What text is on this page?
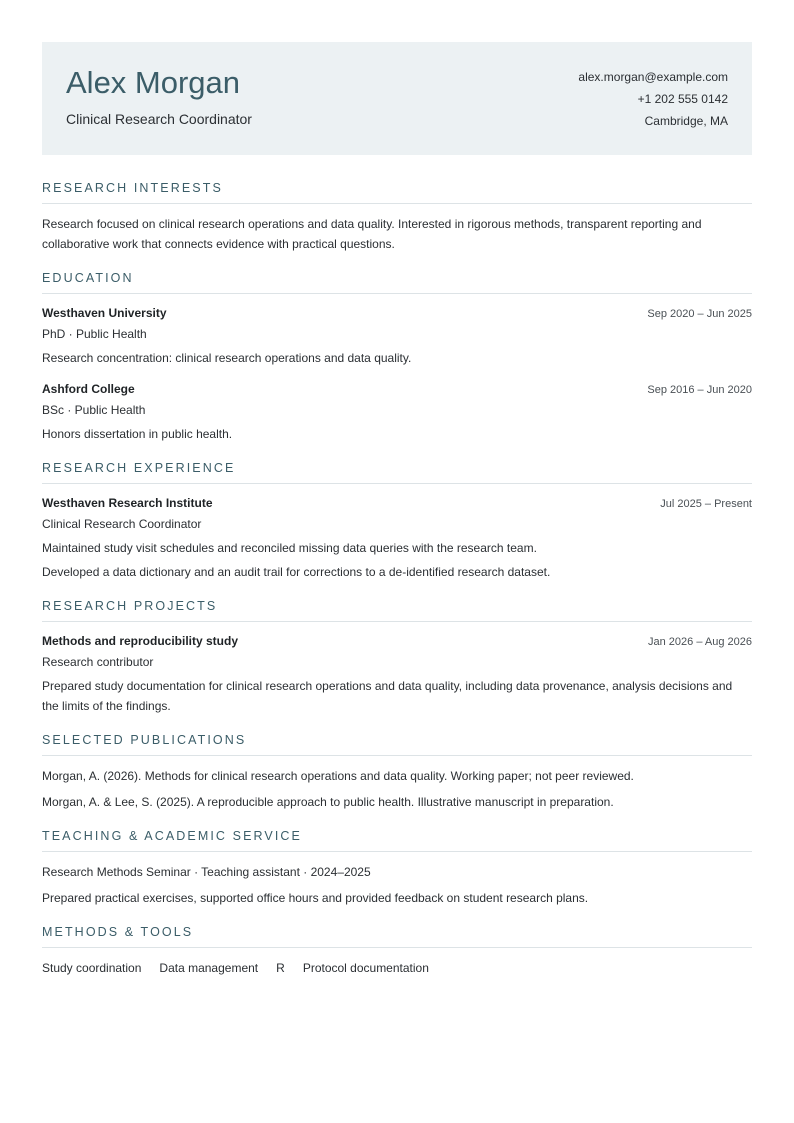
Alex Morgan
Clinical Research Coordinator
alex.morgan@example.com
+1 202 555 0142
Cambridge, MA
RESEARCH INTERESTS

Research focused on clinical research operations and data quality. Interested in rigorous methods, transparent reporting and collaborative work that connects evidence with practical questions.

EDUCATION
Westhaven University	Sep 2020 – Jun 2025
PhD · Public Health
Research concentration: clinical research operations and data quality.
Ashford College	Sep 2016 – Jun 2020
BSc · Public Health
Honors dissertation in public health.
RESEARCH EXPERIENCE
Westhaven Research Institute	Jul 2025 – Present
Clinical Research Coordinator
Maintained study visit schedules and reconciled missing data queries with the research team.
Developed a data dictionary and an audit trail for corrections to a de-identified research dataset.
RESEARCH PROJECTS
Methods and reproducibility study	Jan 2026 – Aug 2026
Research contributor
Prepared study documentation for clinical research operations and data quality, including data provenance, analysis decisions and the limits of the findings.
SELECTED PUBLICATIONS
Morgan, A. (2026). Methods for clinical research operations and data quality. Working paper; not peer reviewed.
Morgan, A. & Lee, S. (2025). A reproducible approach to public health. Illustrative manuscript in preparation.
TEACHING & ACADEMIC SERVICE
Research Methods Seminar · Teaching assistant · 2024–2025
Prepared practical exercises, supported office hours and provided feedback on student research plans.
METHODS & TOOLS
Study coordination Data management R Protocol documentation
